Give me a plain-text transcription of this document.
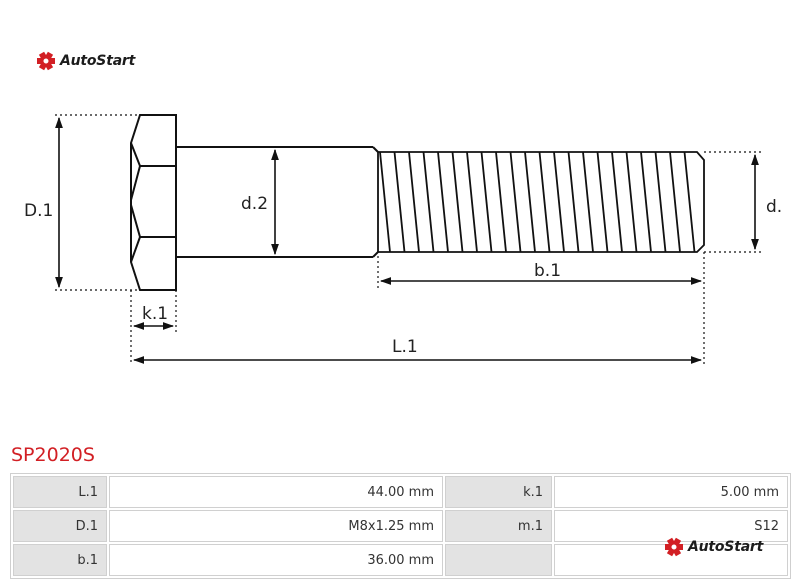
AutoStart
D.1	d.2	d.
b.1
k.1
L.1
SP2020S
L.1	44.00 mm	k.1	5.00 mm
D.1	M8x1.25 mm	m.1	S12
b.1	36.00 mm		
AutoStart
